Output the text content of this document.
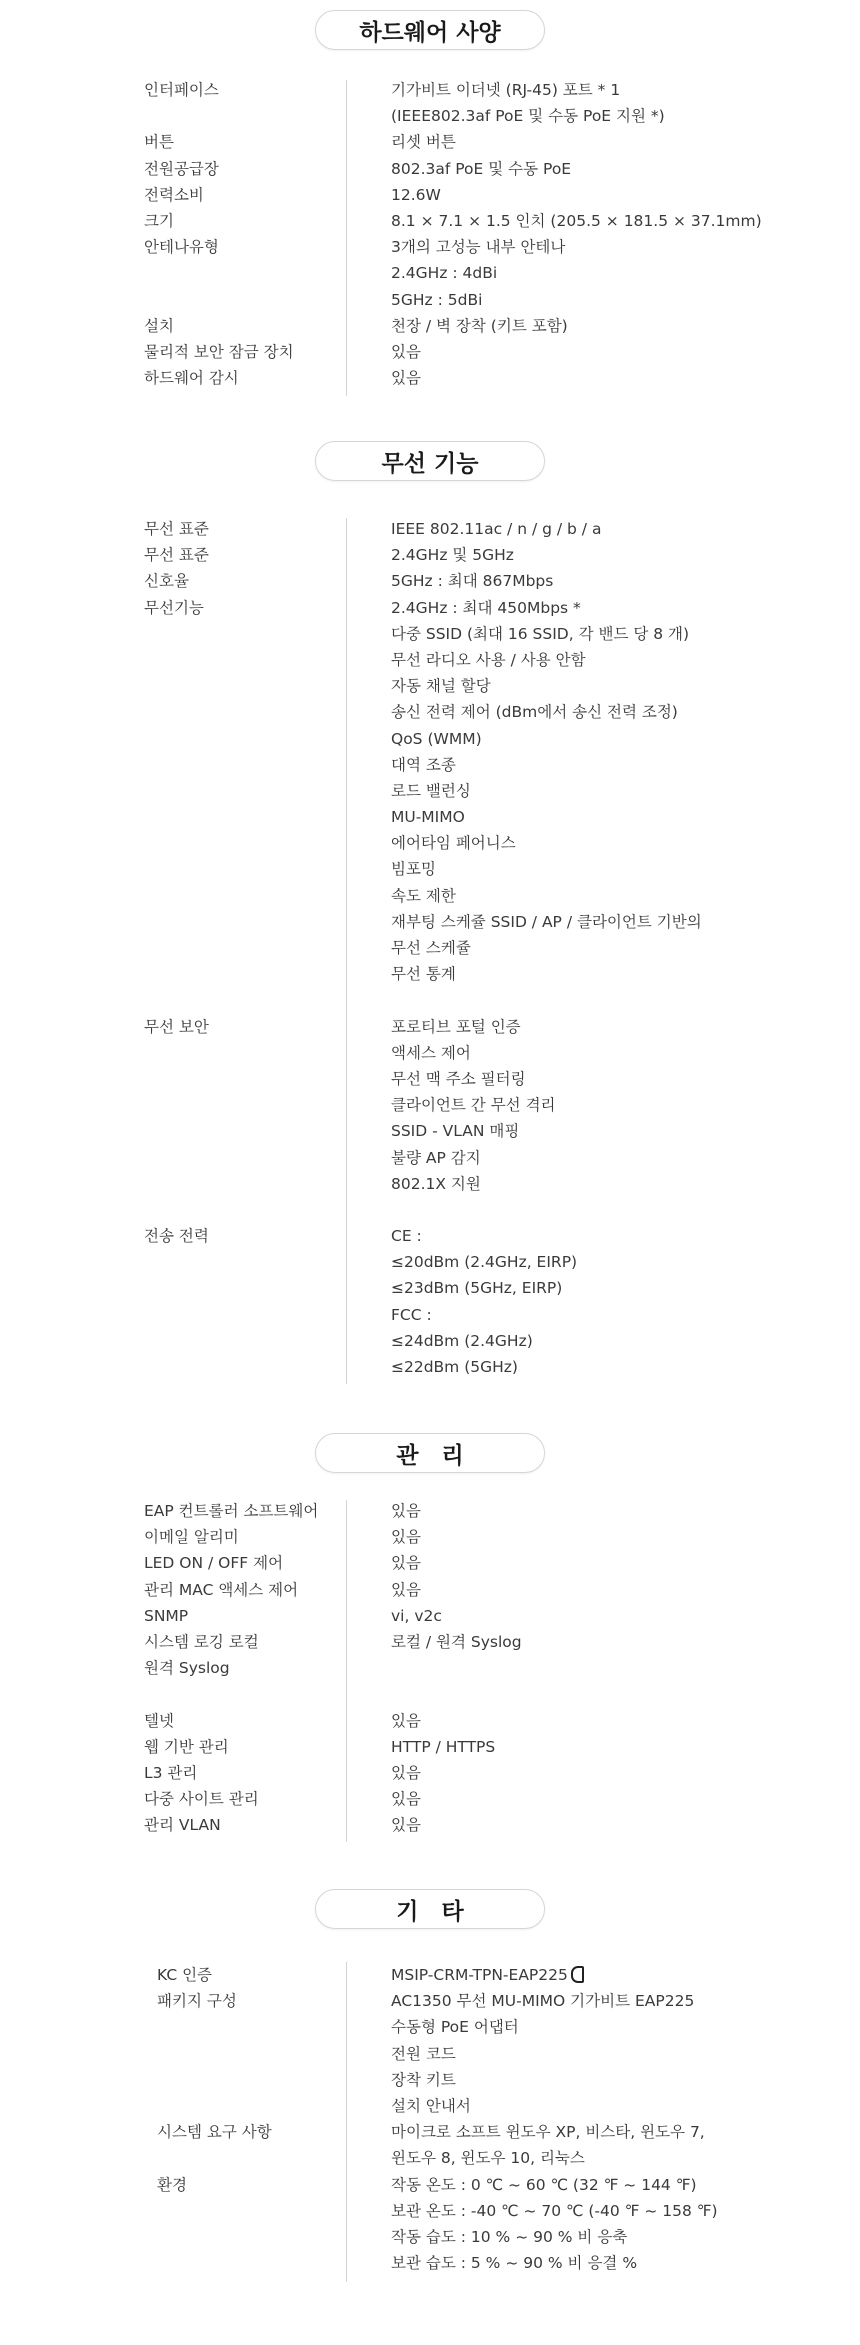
하드웨어 사양
인터페이스	기가비트 이더넷 (RJ-45) 포트 * 1
(IEEE802.3af PoE 및 수동 PoE 지원 *)
버튼	리셋 버튼
전원공급장	802.3af PoE 및 수동 PoE
전력소비	12.6W
크기	8.1 × 7.1 × 1.5 인치 (205.5 × 181.5 × 37.1mm)
안테나유형	3개의 고성능 내부 안테나
2.4GHz : 4dBi
5GHz : 5dBi
설치	천장 / 벽 장착 (키트 포함)
물리적 보안 잠금 장치	있음
하드웨어 감시	있음
무선 기능
무선 표준	IEEE 802.11ac / n / g / b / a
무선 표준	2.4GHz 및 5GHz
신호율	5GHz : 최대 867Mbps
무선기능	2.4GHz : 최대 450Mbps *
다중 SSID (최대 16 SSID, 각 밴드 당 8 개)
무선 라디오 사용 / 사용 안함
자동 채널 할당
송신 전력 제어 (dBm에서 송신 전력 조정)
QoS (WMM)
대역 조종
로드 밸런싱
MU-MIMO
에어타임 페어니스
빔포밍
속도 제한
재부팅 스케쥴 SSID / AP / 클라이언트 기반의
무선 스케쥴
무선 통계
무선 보안	포로티브 포털 인증
액세스 제어
무선 맥 주소 필터링
클라이언트 간 무선 격리
SSID - VLAN 매핑
불량 AP 감지
802.1X 지원
전송 전력	CE :
≤20dBm (2.4GHz, EIRP)
≤23dBm (5GHz, EIRP)
FCC :
≤24dBm (2.4GHz)
≤22dBm (5GHz)
관　리
EAP 컨트롤러 소프트웨어	있음
이메일 알리미	있음
LED ON / OFF 제어	있음
관리 MAC 액세스 제어	있음
SNMP	vi, v2c
시스템 로깅 로컬	로컬 / 원격 Syslog
원격 Syslog
텔넷	있음
웹 기반 관리	HTTP / HTTPS
L3 관리	있음
다중 사이트 관리	있음
관리 VLAN	있음
기　타
KC 인증	MSIP-CRM-TPN-EAP225
패키지 구성	AC1350 무선 MU-MIMO 기가비트 EAP225
수동형 PoE 어댑터
전원 코드
장착 키트
설치 안내서
시스템 요구 사항	마이크로 소프트 윈도우 XP, 비스타, 윈도우 7,
윈도우 8, 윈도우 10, 리눅스
환경	작동 온도 : 0 ℃ ~ 60 ℃ (32 ℉ ~ 144 ℉)
보관 온도 : -40 ℃ ~ 70 ℃ (-40 ℉ ~ 158 ℉)
작동 습도 : 10 % ~ 90 % 비 응축
보관 습도 : 5 % ~ 90 % 비 응결 %
